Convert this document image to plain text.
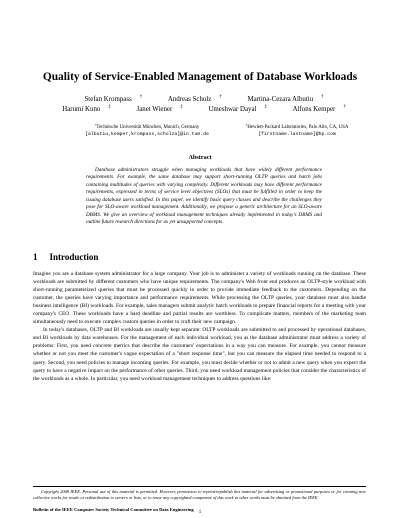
Quality of Service-Enabled Management of Database Workloads
Stefan Krompass †	Andreas Scholz †	Martina-Cezara Albutiu †
Harumi Kuno ‡	Janet Wiener ‡	Umeshwar Dayal ‡	Alfons Kemper †
†Technische Universität München, Munich, Germany
[albutiu,kemper,krompass,scholza]@in.tum.de
‡Hewlett-Packard Laboratories, Palo Alto, CA, USA
[firstname.lastname]@hp.com
Abstract

Database administrators struggle when managing workloads that have widely different performance requirements. For example, the same database may support short-running OLTP queries and batch jobs containing multitudes of queries with varying complexity. Different workloads may have different performance requirements, expressed in terms of service level objectives (SLOs) that must be fulfilled in order to keep the issuing database users satisfied. In this paper, we identify basic query classes and describe the challenges they pose for SLO-aware workload management. Additionally, we propose a generic architecture for an SLO-aware DBMS. We give an overview of workload management techniques already implemented in today's DBMS and outline future research directions for as yet unsupported concepts.

1 Introduction

Imagine you are a database system administrator for a large company. Your job is to administer a variety of workloads running on the database. These workloads are submitted by different customers who have unique requirements. The company's Web front end produces an OLTP-style workload with short-running parameterized queries that must be processed quickly in order to provide immediate feedback to the customers. Depending on the customer, the queries have varying importance and performance requirements. While processing the OLTP queries, your database must also handle business intelligence (BI) workloads. For example, sales managers submit analytic batch workloads to prepare financial reports for a meeting with your company's CEO. These workloads have a hard deadline and partial results are worthless. To complicate matters, members of the marketing team simultaneously need to execute complex custom queries in order to craft their new campaign.

In today's databases, OLTP and BI workloads are usually kept separate: OLTP workloads are submitted to and processed by operational databases, and BI workloads by data warehouses. For the management of each individual workload, you as the database administrator must address a variety of problems: First, you need concrete metrics that describe the customers' expectations in a way you can measure. For example, you cannot measure whether or not you meet the customer's vague expectation of a "short response time", but you can measure the elapsed time needed to respond to a query. Second, you need policies to manage incoming queries. For example, you must decide whether or not to admit a new query when you expect the query to have a negative impact on the performance of other queries. Third, you need workload management policies that consider the characteristics of the workloads as a whole. In particular, you need workload management techniques to address questions like:

Copyright 2008 IEEE. Personal use of this material is permitted. However, permission to reprint/republish this material for advertising or promotional purposes or for creating new collective works for resale or redistribution to servers or lists, or to reuse any copyrighted component of this work in other works must be obtained from the IEEE.
Bulletin of the IEEE Computer Society Technical Committee on Data Engineering
1
